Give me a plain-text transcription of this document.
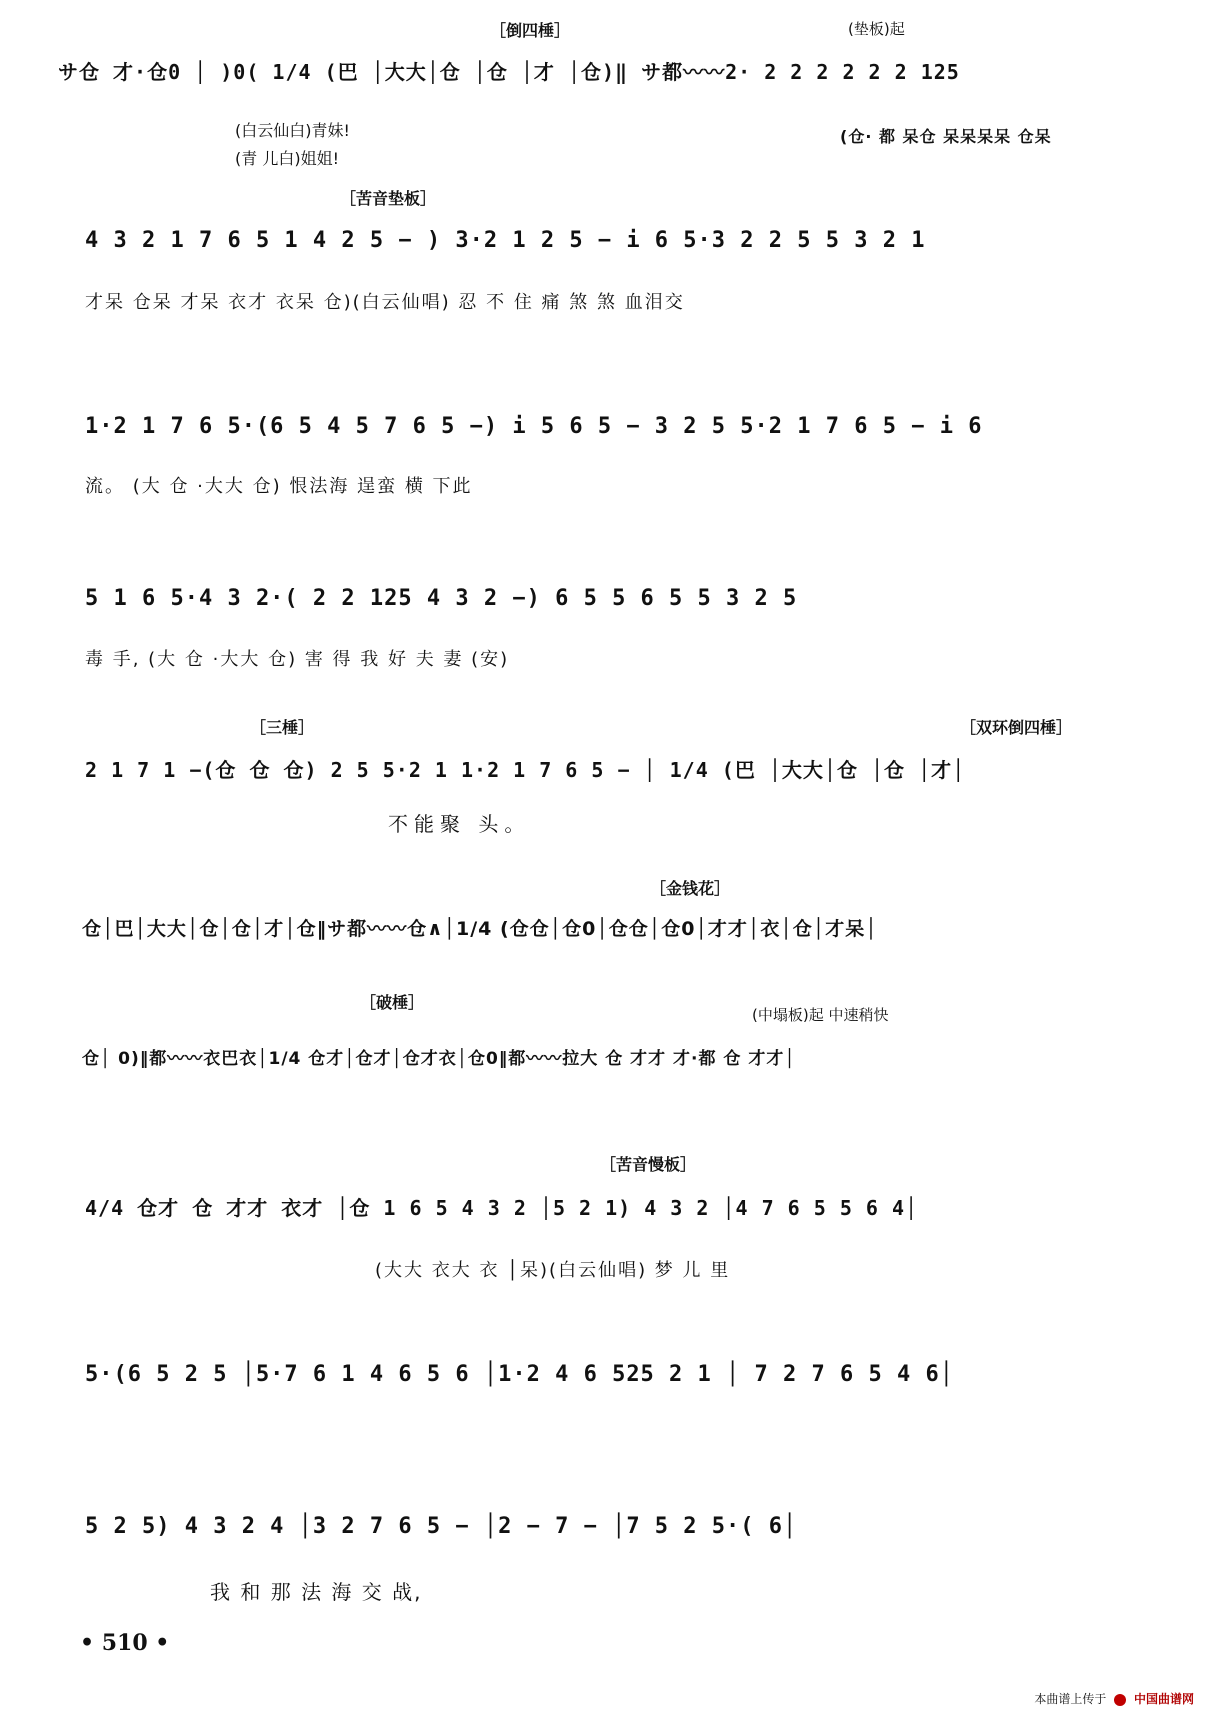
［倒四棰］	(垫板)起
サ仓 才·仓0 │ )0( 1/4 (巴 │大大│仓 │仓 │才 │仓)‖ サ都〰〰2· 2 2 2 2 2 2 125
(白云仙白)青妹!
(青 儿白)姐姐!
(仓· 都 呆仓 呆呆呆呆 仓呆
［苦音垫板］
4 3 2 1 7 6 5 1 4 2 5 − ) 3·2 1 2 5 − i 6 5·3 2 2 5 5 3 2 1
才呆 仓呆 才呆 衣才 衣呆 仓)(白云仙唱) 忍 不 住 痛 煞 煞 血泪交
1·2 1 7 6 5·(6 5 4 5 7 6 5 −) i 5 6 5 − 3 2 5 5·2 1 7 6 5 − i 6
流。 (大 仓 ·大大 仓) 恨法海 逞蛮 横 下此
5 1 6 5·4 3 2·( 2 2 125 4 3 2 −) 6 5 5 6 5 5 3 2 5
毒 手, (大 仓 ·大大 仓) 害 得 我 好 夫 妻 (安)
［三棰］	［双环倒四棰］
2 1 7 1 −(仓 仓 仓) 2 5 5·2 1 1·2 1 7 6 5 − │ 1/4 (巴 │大大│仓 │仓 │才│
不能聚 头。
［金钱花］
仓│巴│大大│仓│仓│才│仓‖サ都〰〰仓∧│1/4 (仓仓│仓0│仓仓│仓0│才才│衣│仓│才呆│
［破棰］
(中塌板)起 中速稍快
仓│ 0)‖都〰〰衣巴衣│1/4 仓才│仓才│仓才衣│仓0‖都〰〰拉大 仓 才才 才·都 仓 才才│
［苦音慢板］
4/4 仓才 仓 才才 衣才 │仓 1 6 5 4 3 2 │5 2 1) 4 3 2 │4 7 6 5 5 6 4│
(大大 衣大 衣 │呆)(白云仙唱) 梦 儿 里
5·(6 5 2 5 │5·7 6 1 4 6 5 6 │1·2 4 6 525 2 1 │ 7 2 7 6 5 4 6│
5 2 5) 4 3 2 4 │3 2 7 6 5 − │2 − 7 − │7 5 2 5·( 6│
我 和 那 法 海 交 战,
• 510 •
本曲谱上传于 中国曲谱网
